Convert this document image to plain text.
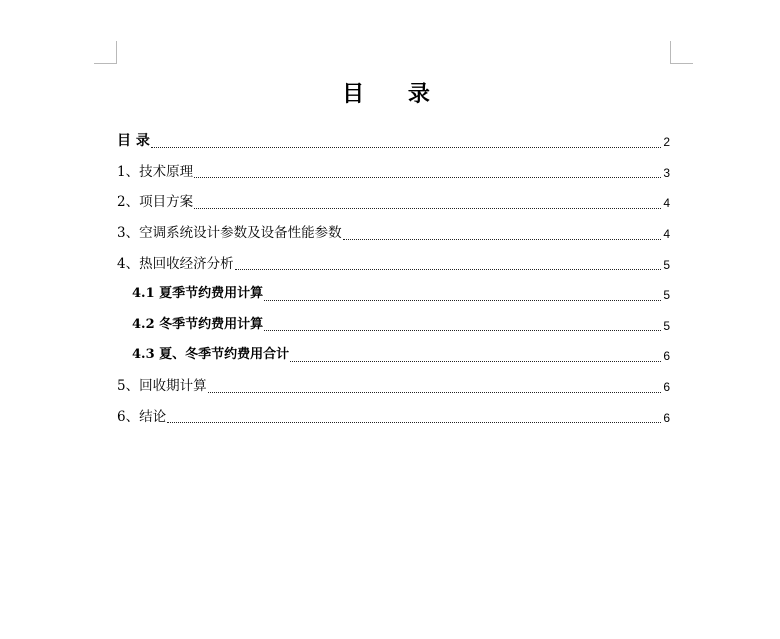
目 录
目 录	2
1、技术原理	3
2、项目方案	4
3、空调系统设计参数及设备性能参数	4
4、热回收经济分析	5
4.1 夏季节约费用计算	5
4.2 冬季节约费用计算	5
4.3 夏、冬季节约费用合计	6
5、回收期计算	6
6、结论	6
